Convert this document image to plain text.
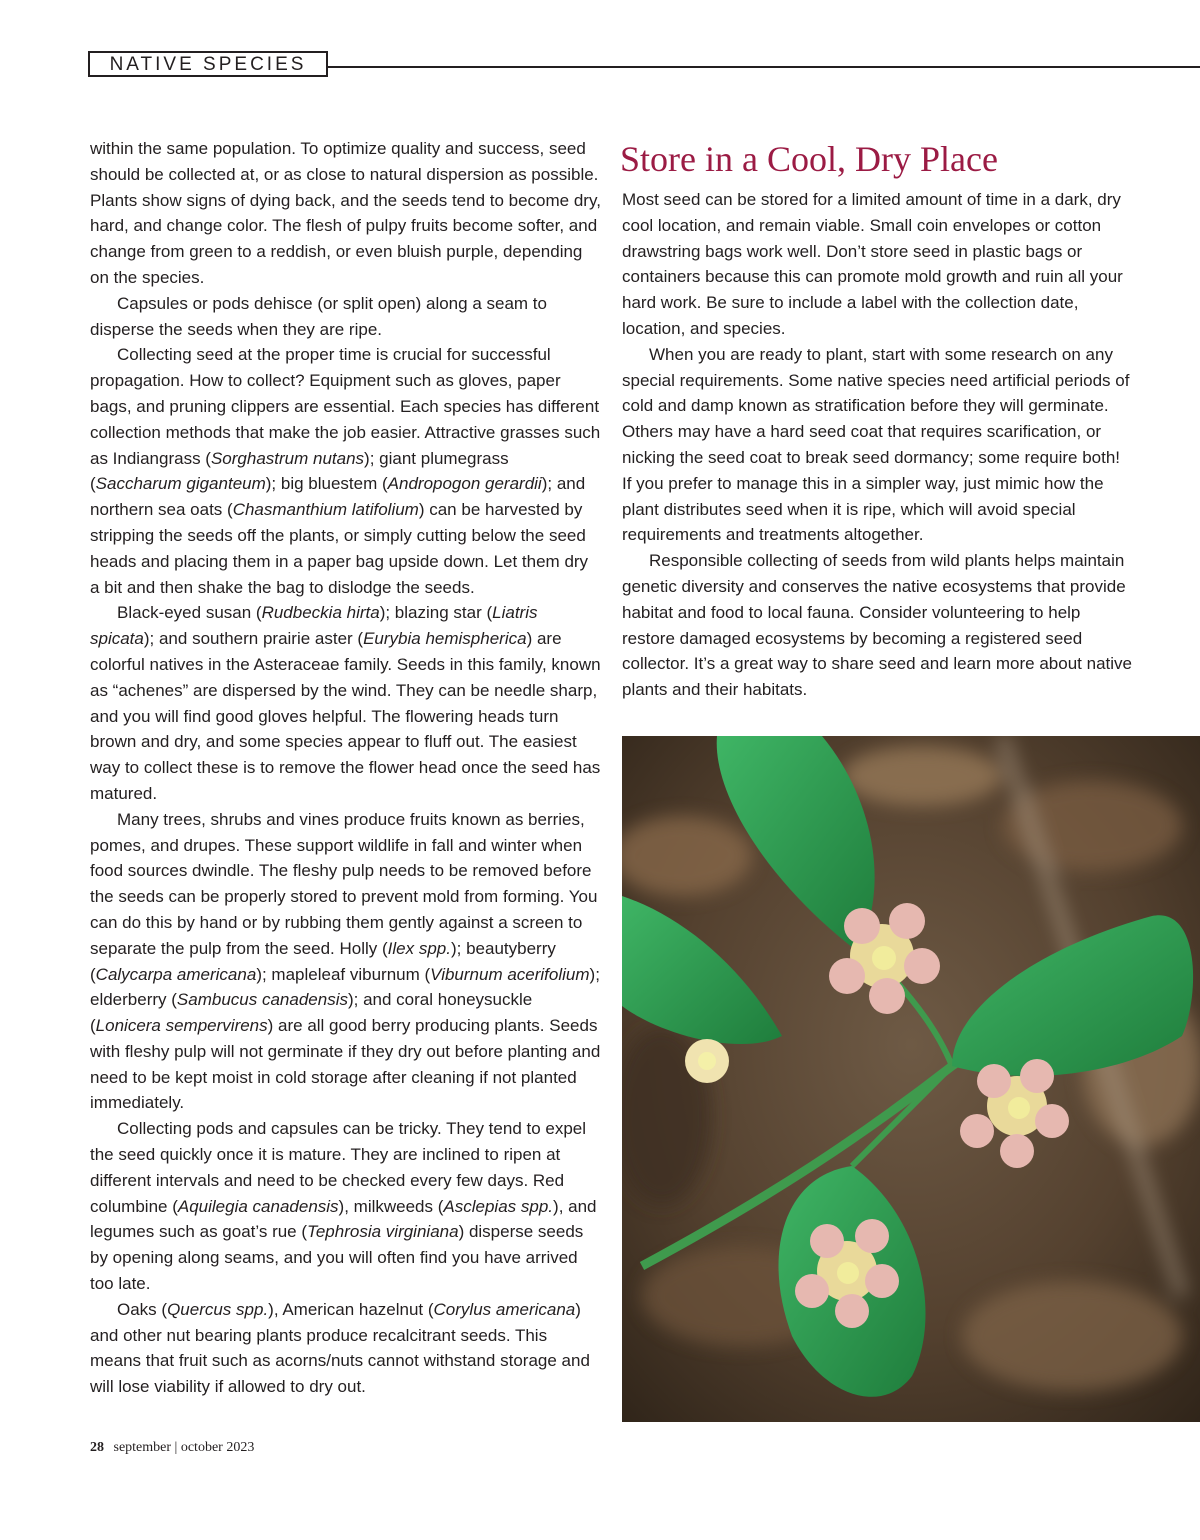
NATIVE SPECIES

within the same population. To optimize quality and success, seed should be collected at, or as close to natural dispersion as possible. Plants show signs of dying back, and the seeds tend to become dry, hard, and change color. The flesh of pulpy fruits become softer, and change from green to a reddish, or even bluish purple, depending on the species.

Capsules or pods dehisce (or split open) along a seam to disperse the seeds when they are ripe.

Collecting seed at the proper time is crucial for successful propagation. How to collect? Equipment such as gloves, paper bags, and pruning clippers are essential. Each species has different collection methods that make the job easier. Attractive grasses such as Indiangrass (Sorghastrum nutans); giant plumegrass (Saccharum giganteum); big bluestem (Andropogon gerardii); and northern sea oats (Chasmanthium latifolium) can be harvested by stripping the seeds off the plants, or simply cutting below the seed heads and placing them in a paper bag upside down. Let them dry a bit and then shake the bag to dislodge the seeds.

Black-eyed susan (Rudbeckia hirta); blazing star (Liatris spicata); and southern prairie aster (Eurybia hemispherica) are colorful natives in the Asteraceae family. Seeds in this family, known as “achenes” are dispersed by the wind. They can be needle sharp, and you will find good gloves helpful. The flowering heads turn brown and dry, and some species appear to fluff out. The easiest way to collect these is to remove the flower head once the seed has matured.

Many trees, shrubs and vines produce fruits known as berries, pomes, and drupes. These support wildlife in fall and winter when food sources dwindle. The fleshy pulp needs to be removed before the seeds can be properly stored to prevent mold from forming. You can do this by hand or by rubbing them gently against a screen to separate the pulp from the seed. Holly (Ilex spp.); beautyberry (Calycarpa americana); mapleleaf viburnum (Viburnum acerifolium); elderberry (Sambucus canadensis); and coral honeysuckle (Lonicera sempervirens) are all good berry producing plants. Seeds with fleshy pulp will not germinate if they dry out before planting and need to be kept moist in cold storage after cleaning if not planted immediately.

Collecting pods and capsules can be tricky. They tend to expel the seed quickly once it is mature. They are inclined to ripen at different intervals and need to be checked every few days. Red columbine (Aquilegia canadensis), milkweeds (Asclepias spp.), and legumes such as goat’s rue (Tephrosia virginiana) disperse seeds by opening along seams, and you will often find you have arrived too late.

Oaks (Quercus spp.), American hazelnut (Corylus americana) and other nut bearing plants produce recalcitrant seeds. This means that fruit such as acorns/nuts cannot withstand storage and will lose viability if allowed to dry out.

Store in a Cool, Dry Place

Most seed can be stored for a limited amount of time in a dark, dry cool location, and remain viable. Small coin envelopes or cotton drawstring bags work well. Don’t store seed in plastic bags or containers because this can promote mold growth and ruin all your hard work. Be sure to include a label with the collection date, location, and species.

When you are ready to plant, start with some research on any special requirements. Some native species need artificial periods of cold and damp known as stratification before they will germinate. Others may have a hard seed coat that requires scarification, or nicking the seed coat to break seed dormancy; some require both! If you prefer to manage this in a simpler way, just mimic how the plant distributes seed when it is ripe, which will avoid special requirements and treatments altogether.

Responsible collecting of seeds from wild plants helps maintain genetic diversity and conserves the native ecosystems that provide habitat and food to local fauna. Consider volunteering to help restore damaged ecosystems by becoming a registered seed collector. It’s a great way to share seed and learn more about native plants and their habitats.

28 september | october 2023
